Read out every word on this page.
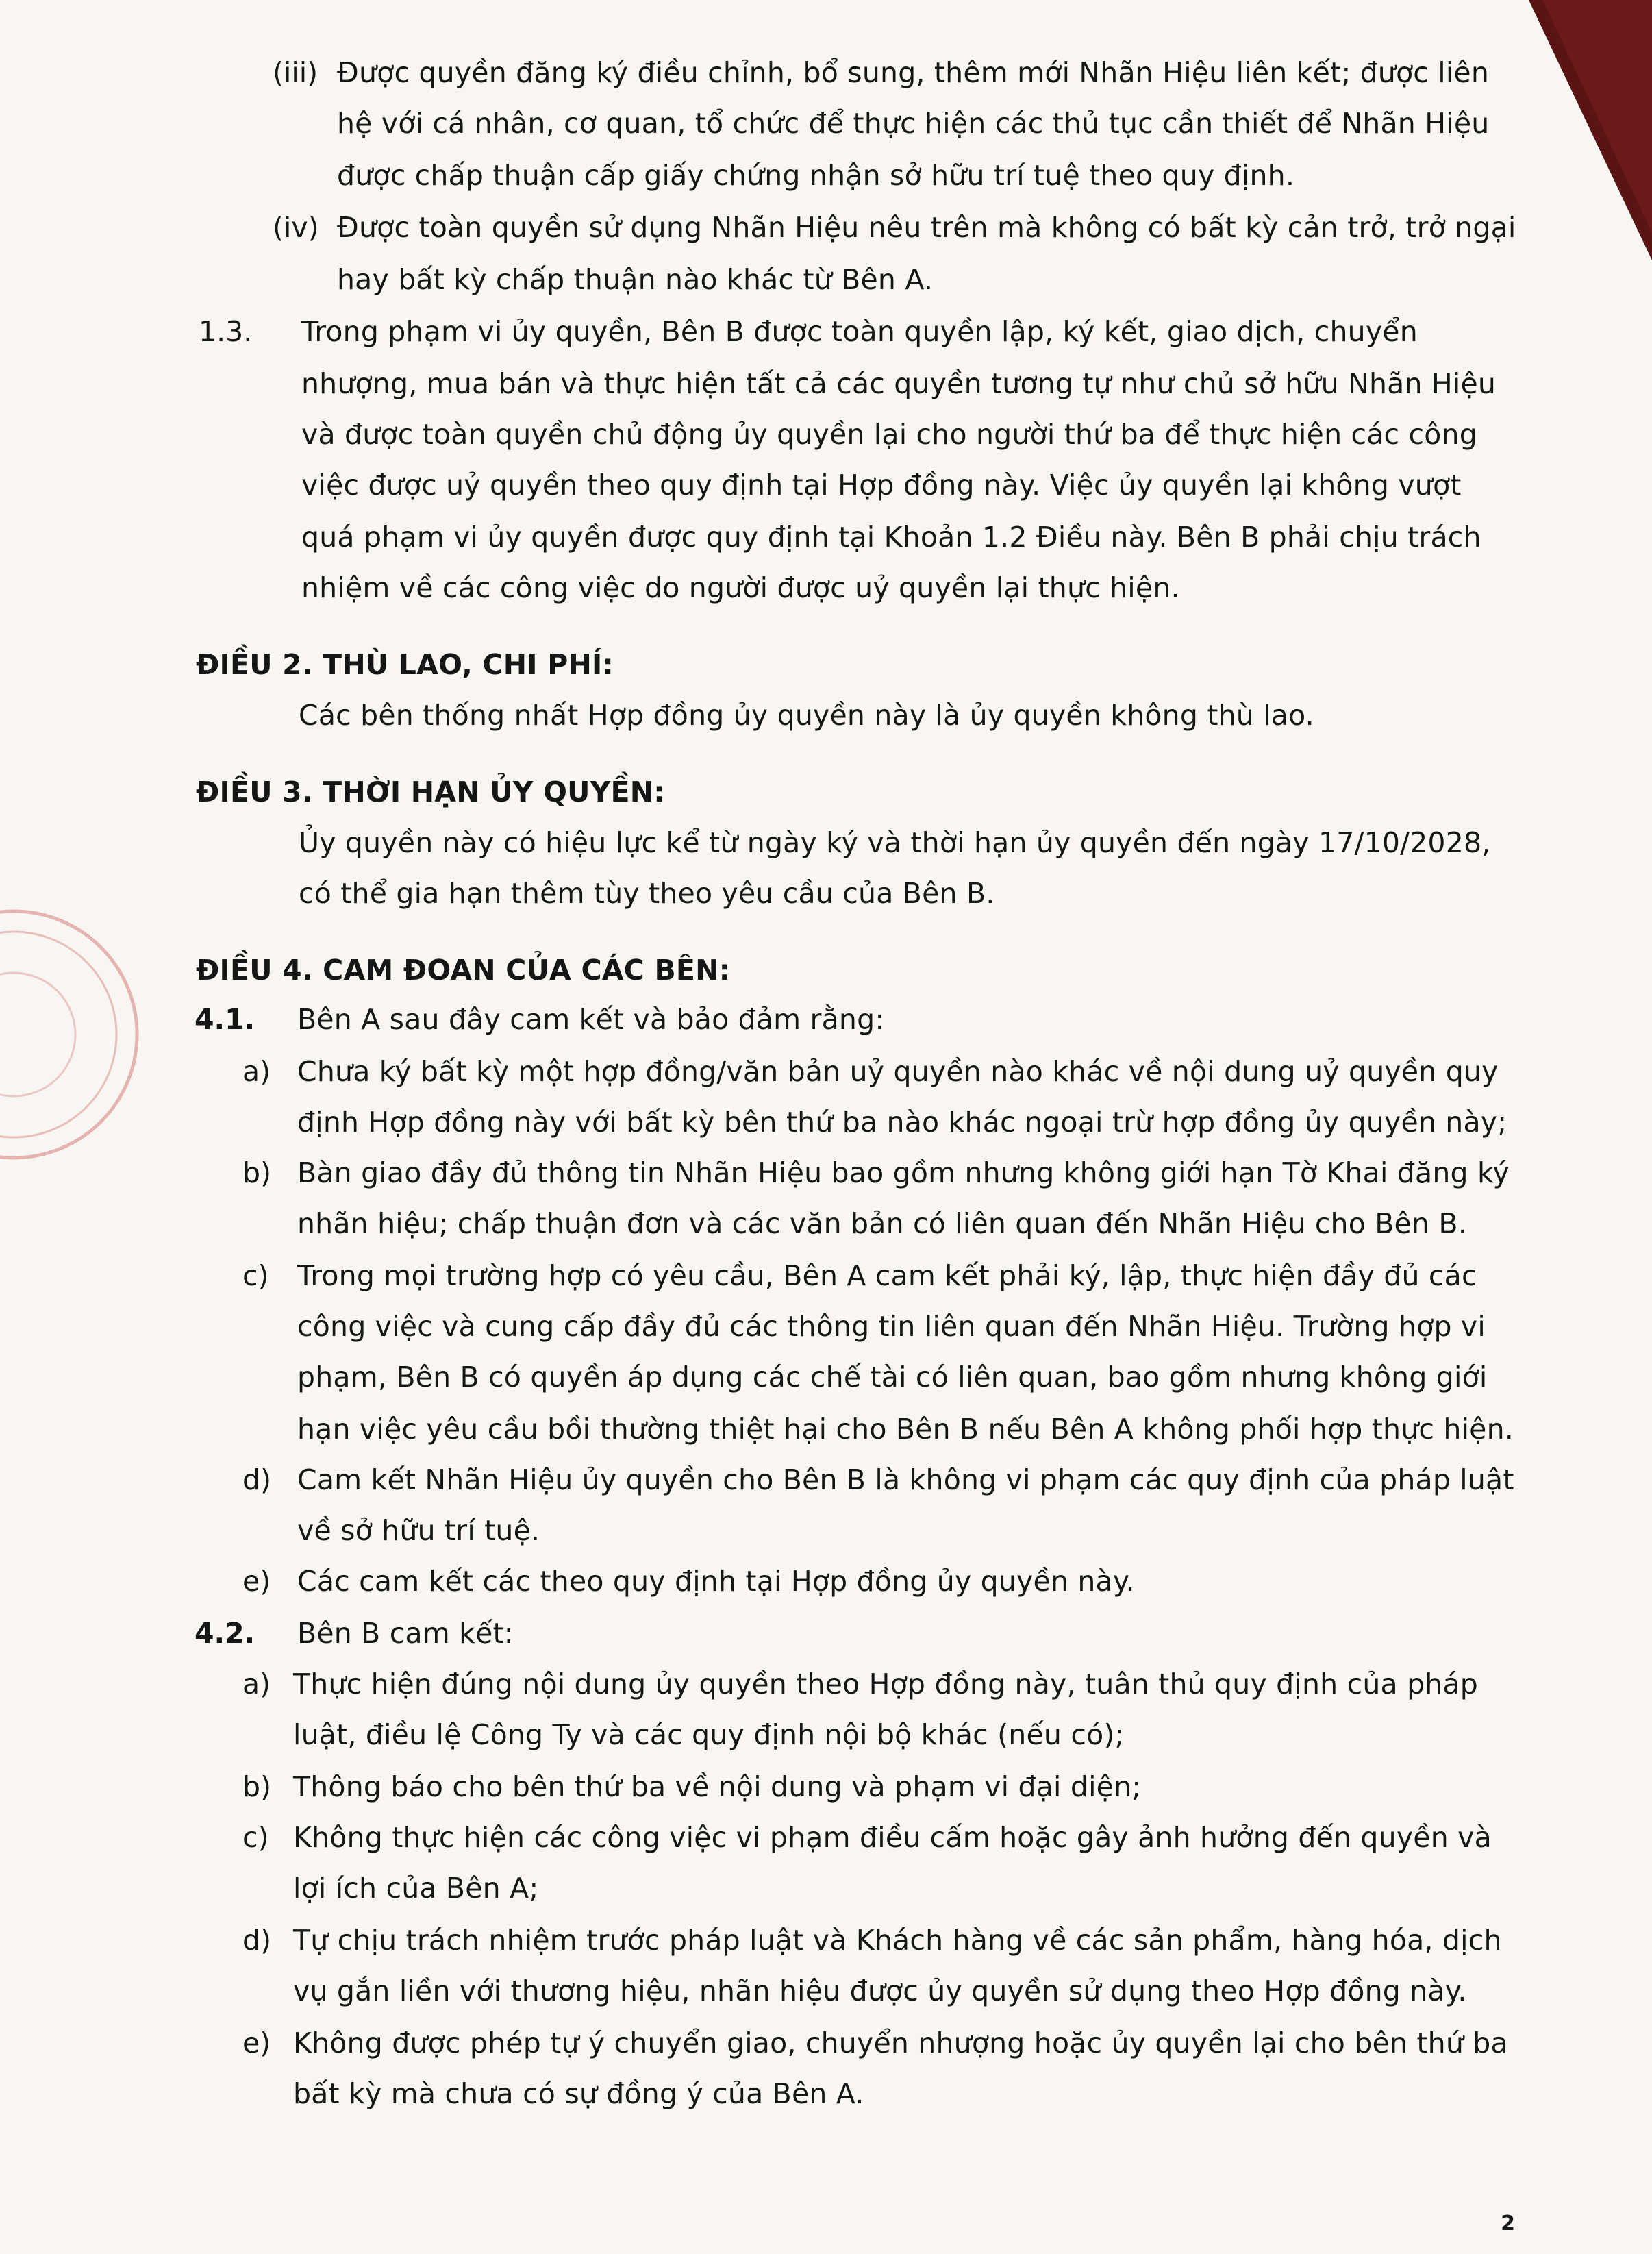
(iii) Được quyền đăng ký điều chỉnh, bổ sung, thêm mới Nhãn Hiệu liên kết; được liên

hệ với cá nhân, cơ quan, tổ chức để thực hiện các thủ tục cần thiết để Nhãn Hiệu

được chấp thuận cấp giấy chứng nhận sở hữu trí tuệ theo quy định.

(iv) Được toàn quyền sử dụng Nhãn Hiệu nêu trên mà không có bất kỳ cản trở, trở ngại

hay bất kỳ chấp thuận nào khác từ Bên A.

1.3. Trong phạm vi ủy quyền, Bên B được toàn quyền lập, ký kết, giao dịch, chuyển

nhượng, mua bán và thực hiện tất cả các quyền tương tự như chủ sở hữu Nhãn Hiệu

và được toàn quyền chủ động ủy quyền lại cho người thứ ba để thực hiện các công

việc được uỷ quyền theo quy định tại Hợp đồng này. Việc ủy quyền lại không vượt

quá phạm vi ủy quyền được quy định tại Khoản 1.2 Điều này. Bên B phải chịu trách

nhiệm về các công việc do người được uỷ quyền lại thực hiện.

ĐIỀU 2. THÙ LAO, CHI PHÍ:

Các bên thống nhất Hợp đồng ủy quyền này là ủy quyền không thù lao.

ĐIỀU 3. THỜI HẠN ỦY QUYỀN:

Ủy quyền này có hiệu lực kể từ ngày ký và thời hạn ủy quyền đến ngày 17/10/2028,

có thể gia hạn thêm tùy theo yêu cầu của Bên B.

ĐIỀU 4. CAM ĐOAN CỦA CÁC BÊN:

4.1. Bên A sau đây cam kết và bảo đảm rằng:

a) Chưa ký bất kỳ một hợp đồng/văn bản uỷ quyền nào khác về nội dung uỷ quyền quy

định Hợp đồng này với bất kỳ bên thứ ba nào khác ngoại trừ hợp đồng ủy quyền này;

b) Bàn giao đầy đủ thông tin Nhãn Hiệu bao gồm nhưng không giới hạn Tờ Khai đăng ký

nhãn hiệu; chấp thuận đơn và các văn bản có liên quan đến Nhãn Hiệu cho Bên B.

c) Trong mọi trường hợp có yêu cầu, Bên A cam kết phải ký, lập, thực hiện đầy đủ các

công việc và cung cấp đầy đủ các thông tin liên quan đến Nhãn Hiệu. Trường hợp vi

phạm, Bên B có quyền áp dụng các chế tài có liên quan, bao gồm nhưng không giới

hạn việc yêu cầu bồi thường thiệt hại cho Bên B nếu Bên A không phối hợp thực hiện.

d) Cam kết Nhãn Hiệu ủy quyền cho Bên B là không vi phạm các quy định của pháp luật

về sở hữu trí tuệ.

e) Các cam kết các theo quy định tại Hợp đồng ủy quyền này.

4.2. Bên B cam kết:

a) Thực hiện đúng nội dung ủy quyền theo Hợp đồng này, tuân thủ quy định của pháp

luật, điều lệ Công Ty và các quy định nội bộ khác (nếu có);

b) Thông báo cho bên thứ ba về nội dung và phạm vi đại diện;

c) Không thực hiện các công việc vi phạm điều cấm hoặc gây ảnh hưởng đến quyền và

lợi ích của Bên A;

d) Tự chịu trách nhiệm trước pháp luật và Khách hàng về các sản phẩm, hàng hóa, dịch

vụ gắn liền với thương hiệu, nhãn hiệu được ủy quyền sử dụng theo Hợp đồng này.

e) Không được phép tự ý chuyển giao, chuyển nhượng hoặc ủy quyền lại cho bên thứ ba

bất kỳ mà chưa có sự đồng ý của Bên A.

2
